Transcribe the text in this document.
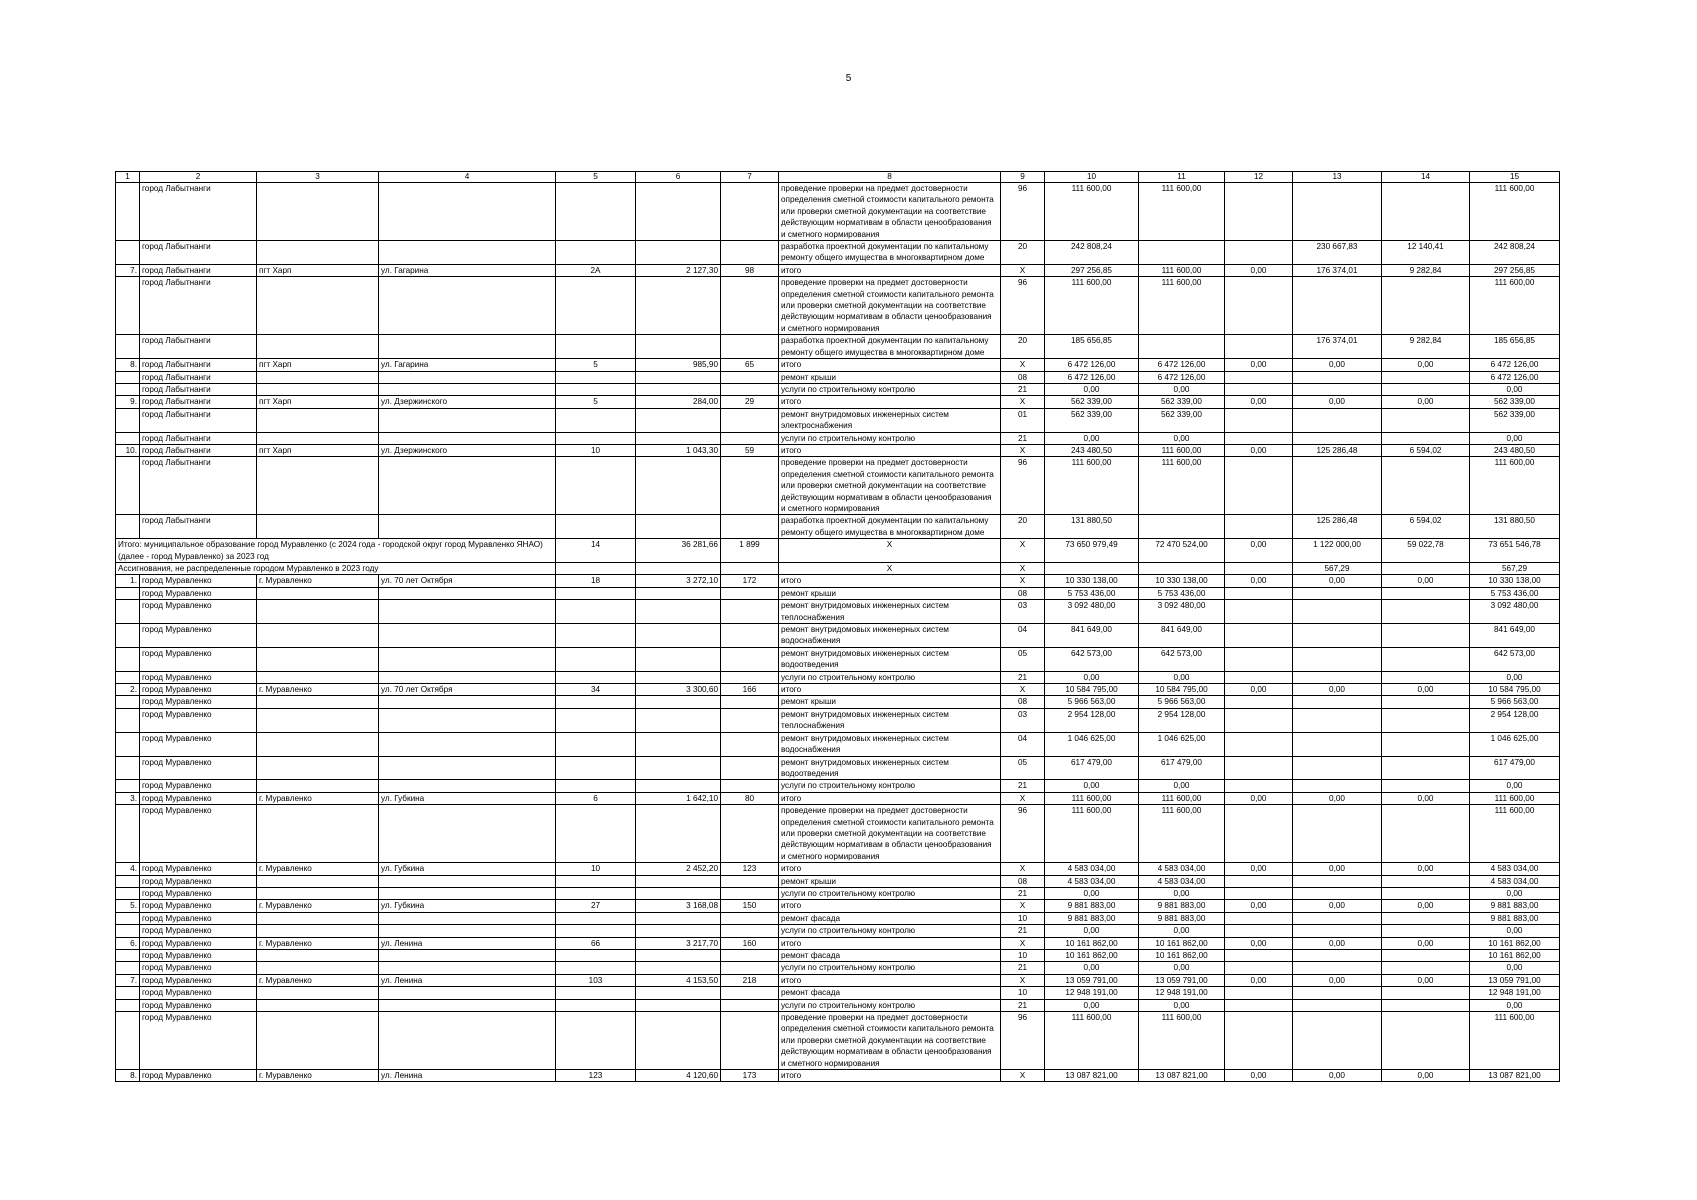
5
1	2	3	4	5	6	7	8	9	10	11	12	13	14	15
	город Лабытнанги						проведение проверки на предмет достоверности определения сметной стоимости капитального ремонта или проверки сметной документации на соответствие действующим нормативам в области ценообразования и сметного нормирования	96	111 600,00	111 600,00				111 600,00
	город Лабытнанги						разработка проектной документации по капитальному ремонту общего имущества в многоквартирном доме	20	242 808,24			230 667,83	12 140,41	242 808,24
7.	город Лабытнанги	пгт Харп	ул. Гагарина	2А	2 127,30	98	итого	X	297 256,85	111 600,00	0,00	176 374,01	9 282,84	297 256,85
	город Лабытнанги						проведение проверки на предмет достоверности определения сметной стоимости капитального ремонта или проверки сметной документации на соответствие действующим нормативам в области ценообразования и сметного нормирования	96	111 600,00	111 600,00				111 600,00
	город Лабытнанги						разработка проектной документации по капитальному ремонту общего имущества в многоквартирном доме	20	185 656,85			176 374,01	9 282,84	185 656,85
8.	город Лабытнанги	пгт Харп	ул. Гагарина	5	985,90	65	итого	X	6 472 126,00	6 472 126,00	0,00	0,00	0,00	6 472 126,00
	город Лабытнанги						ремонт крыши	08	6 472 126,00	6 472 126,00				6 472 126,00
	город Лабытнанги						услуги по строительному контролю	21	0,00	0,00				0,00
9.	город Лабытнанги	пгт Харп	ул. Дзержинского	5	284,00	29	итого	X	562 339,00	562 339,00	0,00	0,00	0,00	562 339,00
	город Лабытнанги						ремонт внутридомовых инженерных систем электроснабжения	01	562 339,00	562 339,00				562 339,00
	город Лабытнанги						услуги по строительному контролю	21	0,00	0,00				0,00
10.	город Лабытнанги	пгт Харп	ул. Дзержинского	10	1 043,30	59	итого	X	243 480,50	111 600,00	0,00	125 286,48	6 594,02	243 480,50
	город Лабытнанги						проведение проверки на предмет достоверности определения сметной стоимости капитального ремонта или проверки сметной документации на соответствие действующим нормативам в области ценообразования и сметного нормирования	96	111 600,00	111 600,00				111 600,00
	город Лабытнанги						разработка проектной документации по капитальному ремонту общего имущества в многоквартирном доме	20	131 880,50			125 286,48	6 594,02	131 880,50
Итого: муниципальное образование город Муравленко (с 2024 года - городской округ город Муравленко ЯНАО) (далее - город Муравленко) за 2023 год				14	36 281,66	1 899	X	X	73 650 979,49	72 470 524,00	0,00	1 122 000,00	59 022,78	73 651 546,78
Ассигнования, не распределенные городом Муравленко в 2023 году							X	X				567,29		567,29
1.	город Муравленко	г. Муравленко	ул. 70 лет Октября	18	3 272,10	172	итого	X	10 330 138,00	10 330 138,00	0,00	0,00	0,00	10 330 138,00
	город Муравленко						ремонт крыши	08	5 753 436,00	5 753 436,00				5 753 436,00
	город Муравленко						ремонт внутридомовых инженерных систем теплоснабжения	03	3 092 480,00	3 092 480,00				3 092 480,00
	город Муравленко						ремонт внутридомовых инженерных систем водоснабжения	04	841 649,00	841 649,00				841 649,00
	город Муравленко						ремонт внутридомовых инженерных систем водоотведения	05	642 573,00	642 573,00				642 573,00
	город Муравленко						услуги по строительному контролю	21	0,00	0,00				0,00
2.	город Муравленко	г. Муравленко	ул. 70 лет Октября	34	3 300,60	166	итого	X	10 584 795,00	10 584 795,00	0,00	0,00	0,00	10 584 795,00
	город Муравленко						ремонт крыши	08	5 966 563,00	5 966 563,00				5 966 563,00
	город Муравленко						ремонт внутридомовых инженерных систем теплоснабжения	03	2 954 128,00	2 954 128,00				2 954 128,00
	город Муравленко						ремонт внутридомовых инженерных систем водоснабжения	04	1 046 625,00	1 046 625,00				1 046 625,00
	город Муравленко						ремонт внутридомовых инженерных систем водоотведения	05	617 479,00	617 479,00				617 479,00
	город Муравленко						услуги по строительному контролю	21	0,00	0,00				0,00
3.	город Муравленко	г. Муравленко	ул. Губкина	6	1 642,10	80	итого	X	111 600,00	111 600,00	0,00	0,00	0,00	111 600,00
	город Муравленко						проведение проверки на предмет достоверности определения сметной стоимости капитального ремонта или проверки сметной документации на соответствие действующим нормативам в области ценообразования и сметного нормирования	96	111 600,00	111 600,00				111 600,00
4.	город Муравленко	г. Муравленко	ул. Губкина	10	2 452,20	123	итого	X	4 583 034,00	4 583 034,00	0,00	0,00	0,00	4 583 034,00
	город Муравленко						ремонт крыши	08	4 583 034,00	4 583 034,00				4 583 034,00
	город Муравленко						услуги по строительному контролю	21	0,00	0,00				0,00
5.	город Муравленко	г. Муравленко	ул. Губкина	27	3 168,08	150	итого	X	9 881 883,00	9 881 883,00	0,00	0,00	0,00	9 881 883,00
	город Муравленко						ремонт фасада	10	9 881 883,00	9 881 883,00				9 881 883,00
	город Муравленко						услуги по строительному контролю	21	0,00	0,00				0,00
6.	город Муравленко	г. Муравленко	ул. Ленина	66	3 217,70	160	итого	X	10 161 862,00	10 161 862,00	0,00	0,00	0,00	10 161 862,00
	город Муравленко						ремонт фасада	10	10 161 862,00	10 161 862,00				10 161 862,00
	город Муравленко						услуги по строительному контролю	21	0,00	0,00				0,00
7.	город Муравленко	г. Муравленко	ул. Ленина	103	4 153,50	218	итого	X	13 059 791,00	13 059 791,00	0,00	0,00	0,00	13 059 791,00
	город Муравленко						ремонт фасада	10	12 948 191,00	12 948 191,00				12 948 191,00
	город Муравленко						услуги по строительному контролю	21	0,00	0,00				0,00
	город Муравленко						проведение проверки на предмет достоверности определения сметной стоимости капитального ремонта или проверки сметной документации на соответствие действующим нормативам в области ценообразования и сметного нормирования	96	111 600,00	111 600,00				111 600,00
8.	город Муравленко	г. Муравленко	ул. Ленина	123	4 120,60	173	итого	X	13 087 821,00	13 087 821,00	0,00	0,00	0,00	13 087 821,00
